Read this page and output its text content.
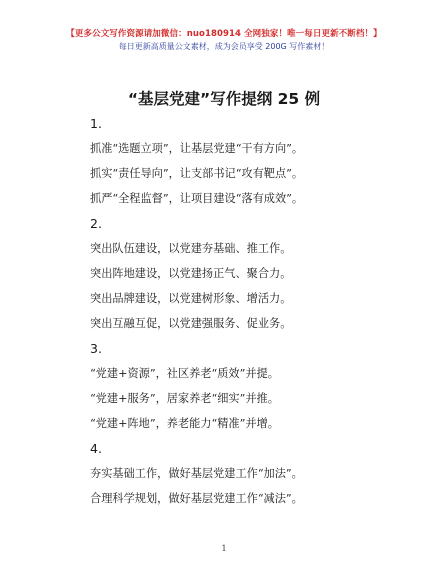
【更多公文写作资源请加微信：nuo180914 全网独家！唯一每日更新不断档！】
每日更新高质量公文素材，成为会员享受 200G 写作素材！
“基层党建”写作提纲 25 例
1.
抓准“选题立项”，让基层党建“干有方向”。
抓实“责任导向”，让支部书记“攻有靶点”。
抓严“全程监督”，让项目建设“落有成效”。
2.
突出队伍建设，以党建夯基础、推工作。
突出阵地建设，以党建扬正气、聚合力。
突出品牌建设，以党建树形象、增活力。
突出互融互促，以党建强服务、促业务。
3.
“党建+资源”，社区养老“质效”并提。
“党建+服务”，居家养老“细实”并推。
“党建+阵地”，养老能力“精准”并增。
4.
夯实基础工作，做好基层党建工作“加法”。
合理科学规划，做好基层党建工作“减法”。
1
